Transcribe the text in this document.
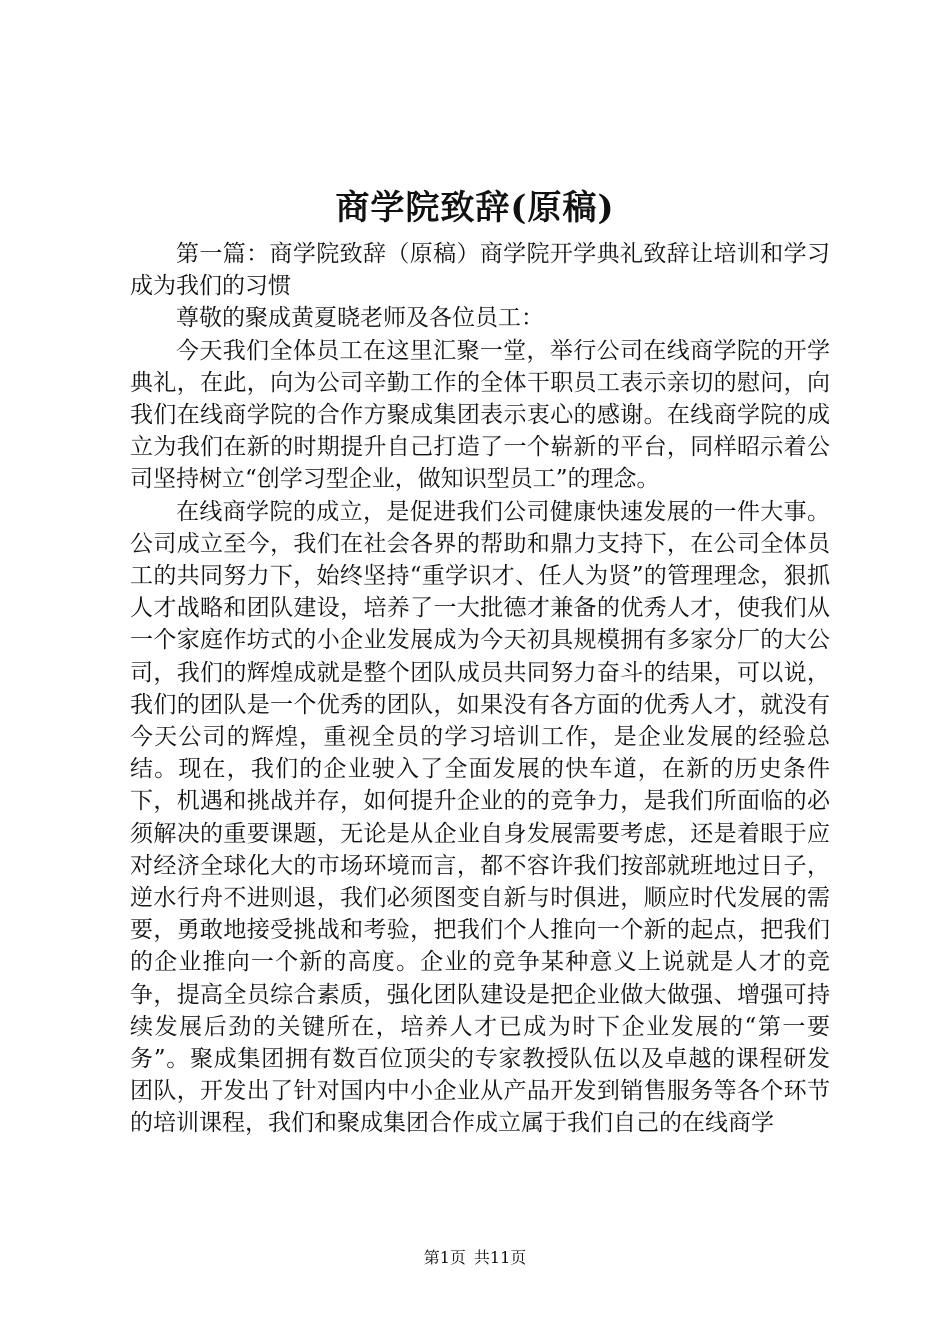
商学院致辞(原稿)

第一篇：商学院致辞（原稿）商学院开学典礼致辞让培训和学习成为我们的习惯

尊敬的聚成黄夏晓老师及各位员工：

今天我们全体员工在这里汇聚一堂，举行公司在线商学院的开学典礼，在此，向为公司辛勤工作的全体干职员工表示亲切的慰问，向我们在线商学院的合作方聚成集团表示衷心的感谢。在线商学院的成立为我们在新的时期提升自己打造了一个崭新的平台，同样昭示着公司坚持树立“创学习型企业，做知识型员工”的理念。

在线商学院的成立，是促进我们公司健康快速发展的一件大事。公司成立至今，我们在社会各界的帮助和鼎力支持下，在公司全体员工的共同努力下，始终坚持“重学识才、任人为贤”的管理理念，狠抓人才战略和团队建设，培养了一大批德才兼备的优秀人才，使我们从一个家庭作坊式的小企业发展成为今天初具规模拥有多家分厂的大公司，我们的辉煌成就是整个团队成员共同努力奋斗的结果，可以说，我们的团队是一个优秀的团队，如果没有各方面的优秀人才，就没有今天公司的辉煌，重视全员的学习培训工作，是企业发展的经验总结。现在，我们的企业驶入了全面发展的快车道，在新的历史条件下，机遇和挑战并存，如何提升企业的的竞争力，是我们所面临的必须解决的重要课题，无论是从企业自身发展需要考虑，还是着眼于应对经济全球化大的市场环境而言，都不容许我们按部就班地过日子，逆水行舟不进则退，我们必须图变自新与时俱进，顺应时代发展的需要，勇敢地接受挑战和考验，把我们个人推向一个新的起点，把我们的企业推向一个新的高度。企业的竞争某种意义上说就是人才的竞争，提高全员综合素质，强化团队建设是把企业做大做强、增强可持续发展后劲的关键所在，培养人才已成为时下企业发展的“第一要务”。聚成集团拥有数百位顶尖的专家教授队伍以及卓越的课程研发团队，开发出了针对国内中小企业从产品开发到销售服务等各个环节的培训课程，我们和聚成集团合作成立属于我们自己的在线商学

第1页 共11页
